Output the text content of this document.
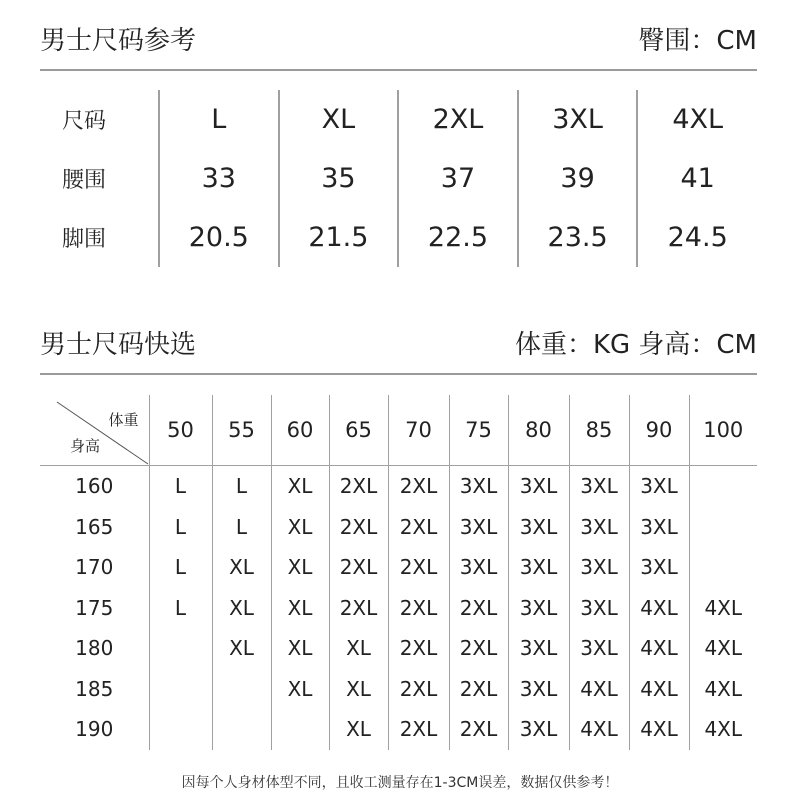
男士尺码参考	臀围：CM
尺码	L	XL	2XL	3XL	4XL
腰围	33	35	37	39	41
脚围	20.5	21.5	22.5	23.5	24.5
男士尺码快选	体重：KG 身高：CM
体重
身高	50	55	60	65	70	75	80	85	90	100
160	L	L	XL	2XL	2XL	3XL	3XL	3XL	3XL	
165	L	L	XL	2XL	2XL	3XL	3XL	3XL	3XL	
170	L	XL	XL	2XL	2XL	3XL	3XL	3XL	3XL	
175	L	XL	XL	2XL	2XL	2XL	3XL	3XL	4XL	4XL
180		XL	XL	XL	2XL	2XL	3XL	3XL	4XL	4XL
185			XL	XL	2XL	2XL	3XL	4XL	4XL	4XL
190				XL	2XL	2XL	3XL	4XL	4XL	4XL
因每个人身材体型不同，且收工测量存在1-3CM误差，数据仅供参考！
